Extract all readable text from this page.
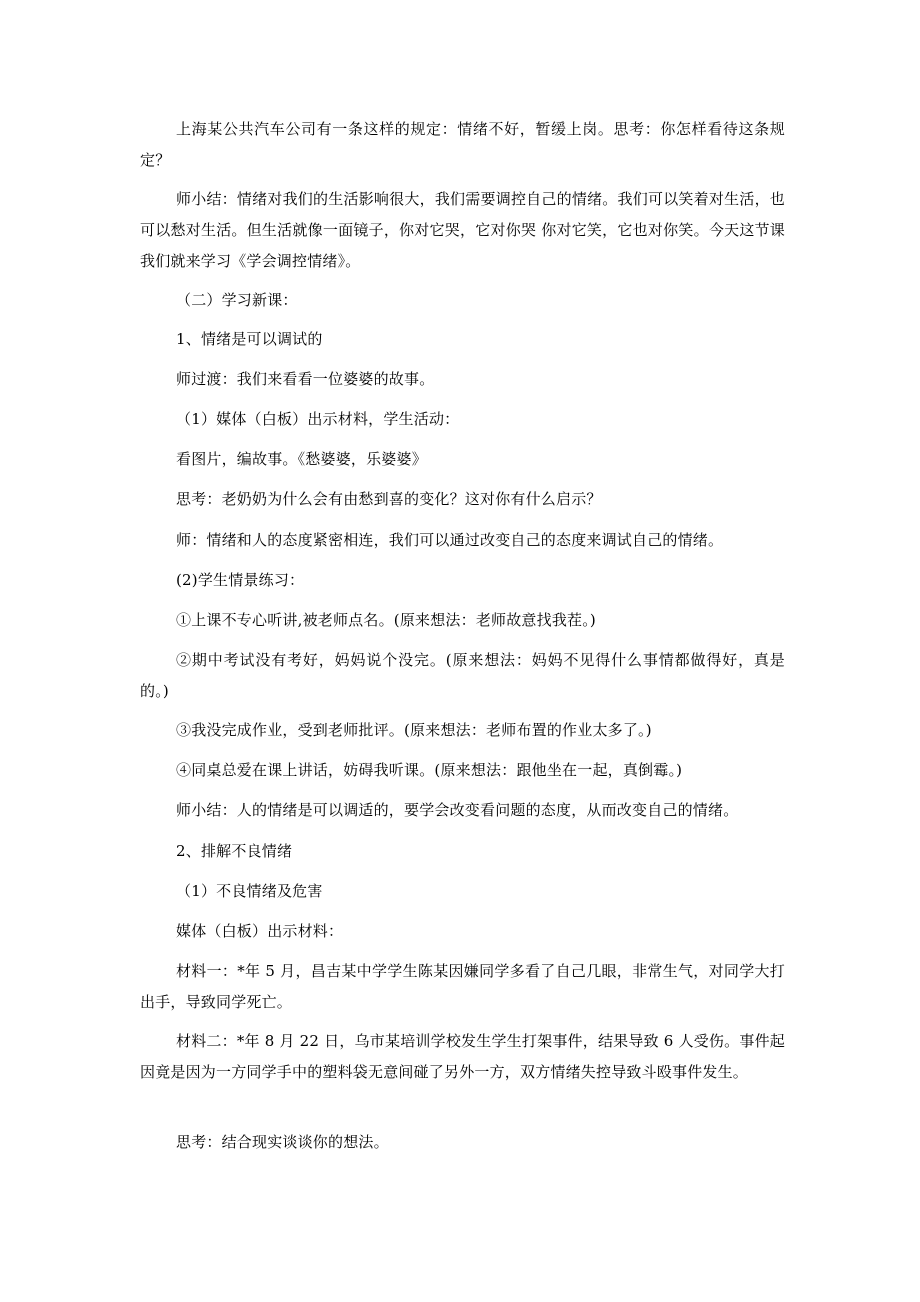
上海某公共汽车公司有一条这样的规定：情绪不好，暂缓上岗。思考：你怎样看待这条规定？

师小结：情绪对我们的生活影响很大，我们需要调控自己的情绪。我们可以笑着对生活，也可以愁对生活。但生活就像一面镜子，你对它哭，它对你哭 你对它笑，它也对你笑。今天这节课我们就来学习《学会调控情绪》。

（二）学习新课：

1、情绪是可以调试的

师过渡：我们来看看一位婆婆的故事。

（1）媒体（白板）出示材料，学生活动：

看图片，编故事。《愁婆婆，乐婆婆》

思考：老奶奶为什么会有由愁到喜的变化？这对你有什么启示？

师：情绪和人的态度紧密相连，我们可以通过改变自己的态度来调试自己的情绪。

(2)学生情景练习：

①上课不专心听讲,被老师点名。(原来想法：老师故意找我茬。)

②期中考试没有考好，妈妈说个没完。(原来想法：妈妈不见得什么事情都做得好，真是的。)

③我没完成作业，受到老师批评。(原来想法：老师布置的作业太多了。)

④同桌总爱在课上讲话，妨碍我听课。(原来想法：跟他坐在一起，真倒霉。)

师小结：人的情绪是可以调适的，要学会改变看问题的态度，从而改变自己的情绪。

2、排解不良情绪

（1）不良情绪及危害

媒体（白板）出示材料：

材料一：*年 5 月，昌吉某中学学生陈某因嫌同学多看了自己几眼，非常生气，对同学大打出手，导致同学死亡。

材料二：*年 8 月 22 日，乌市某培训学校发生学生打架事件，结果导致 6 人受伤。事件起因竟是因为一方同学手中的塑料袋无意间碰了另外一方，双方情绪失控导致斗殴事件发生。

思考：结合现实谈谈你的想法。
